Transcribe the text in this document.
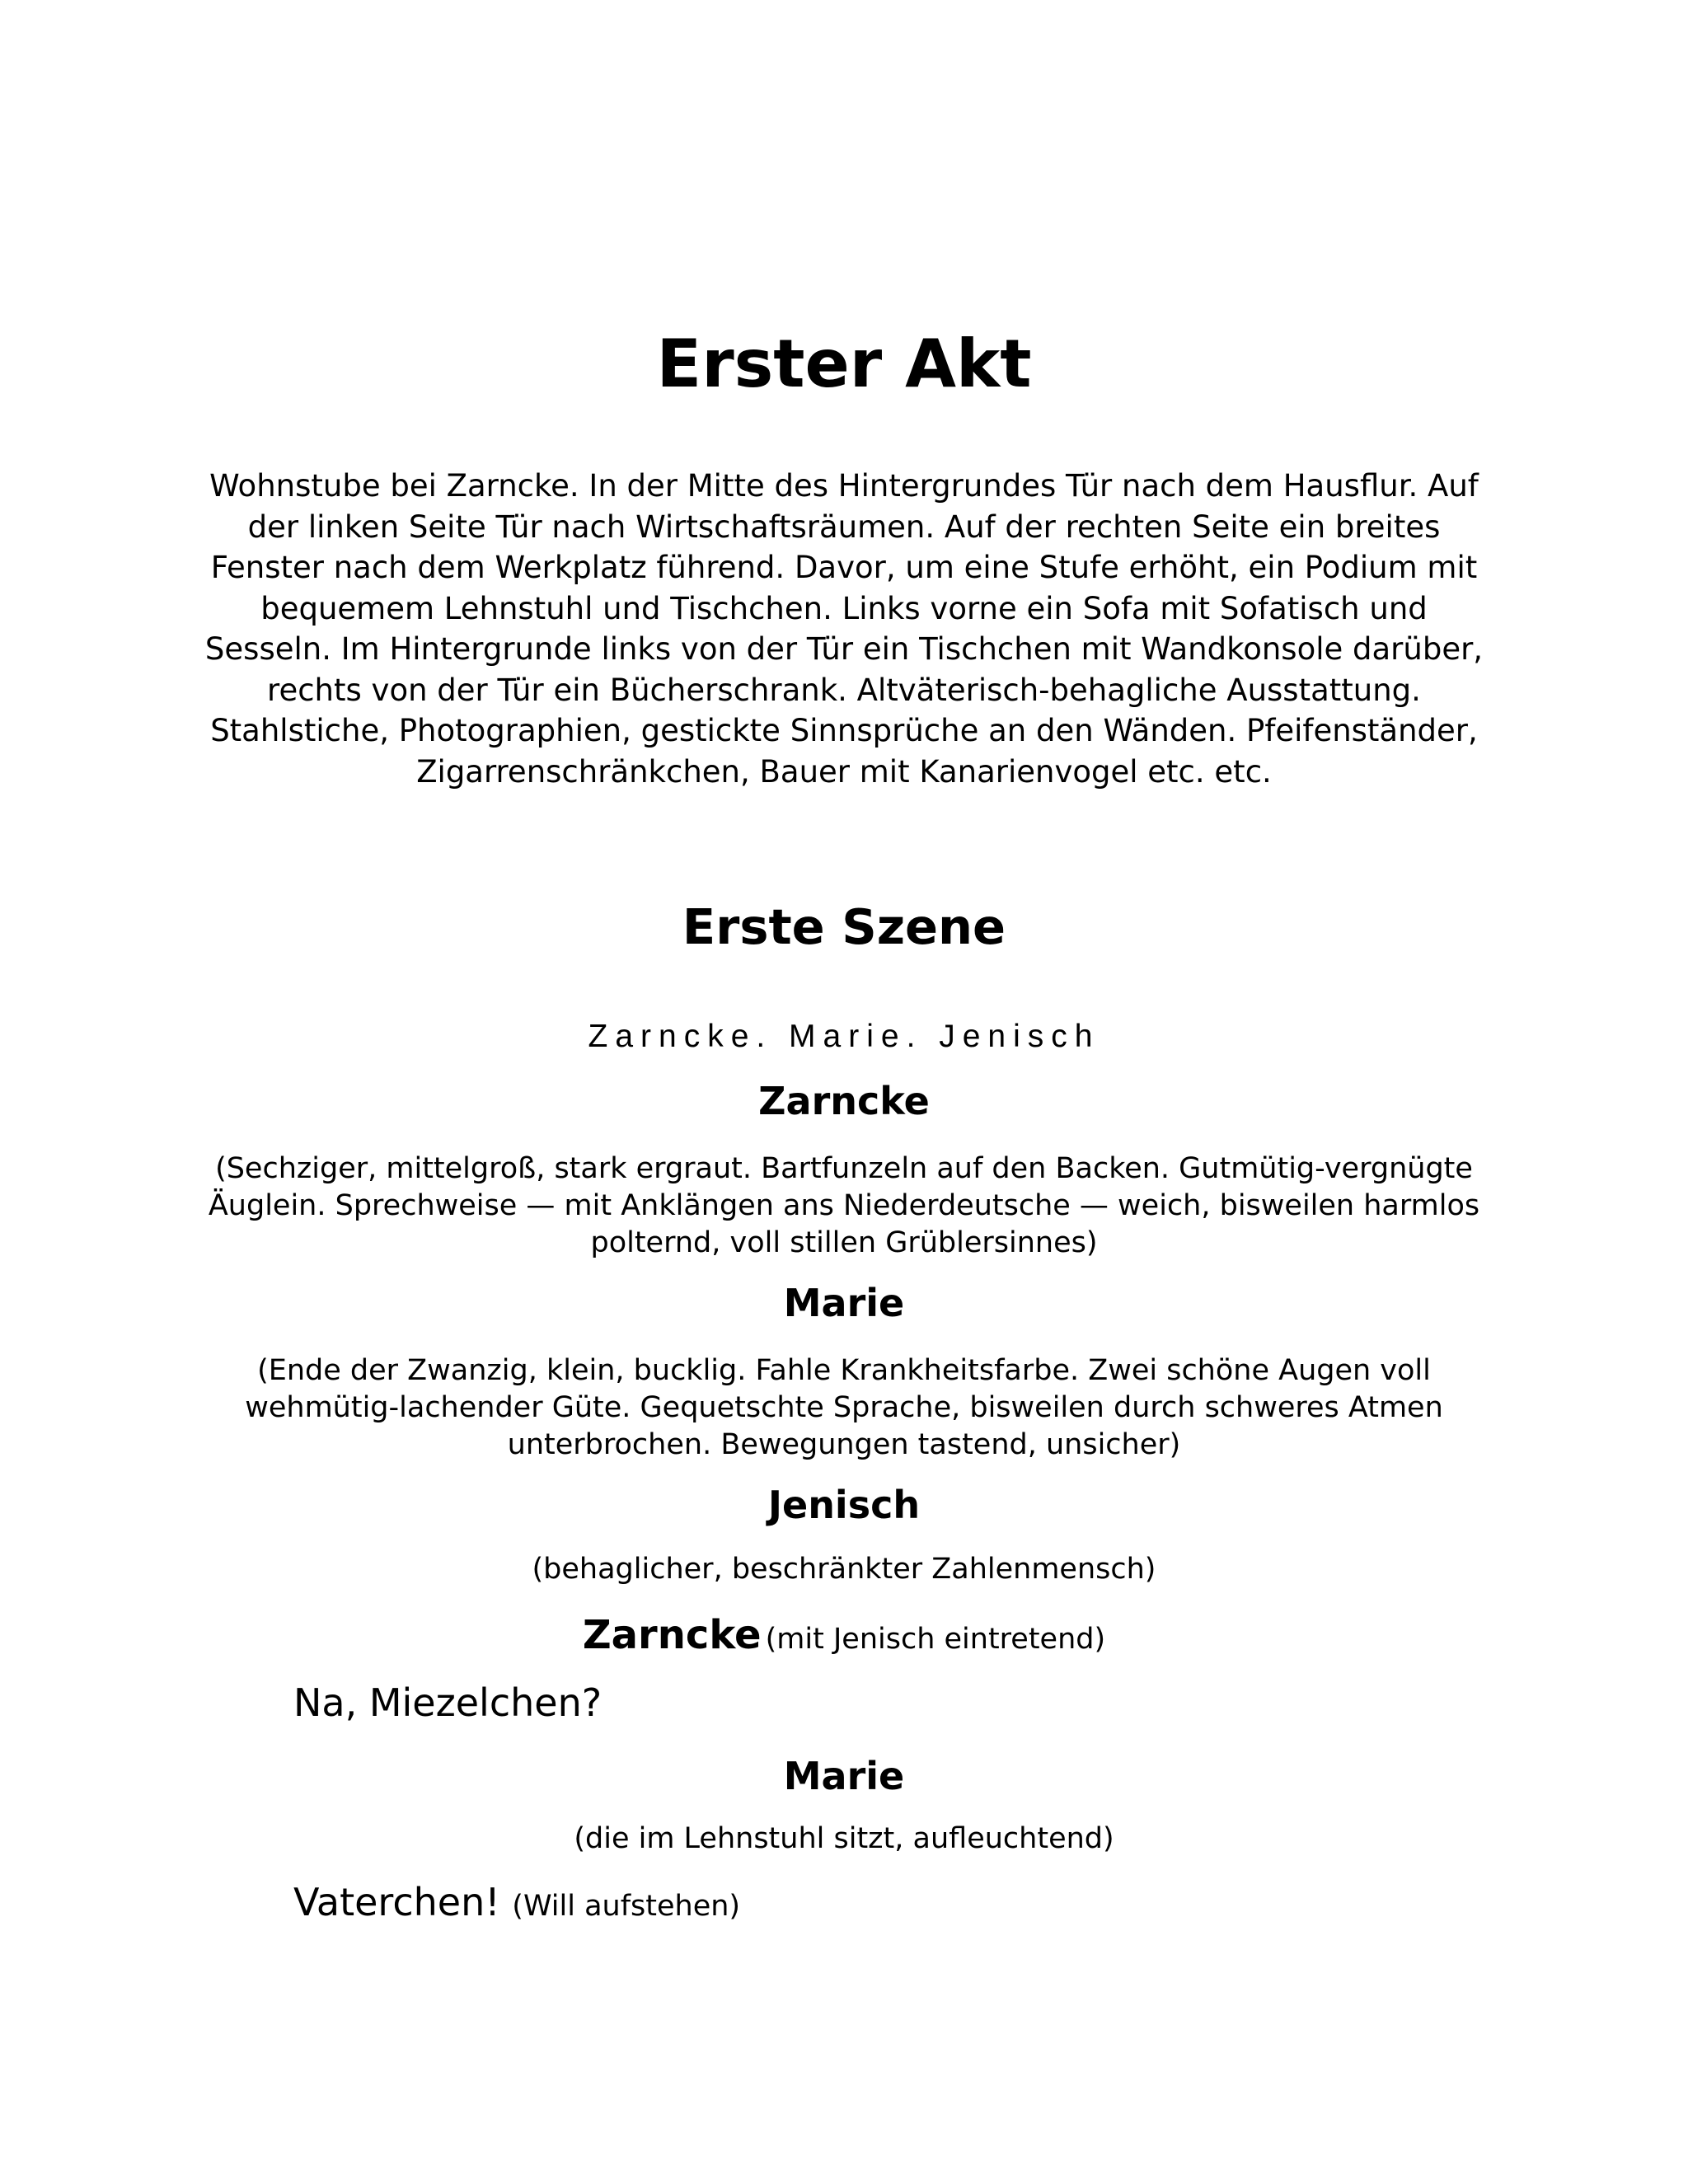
Erster Akt

Wohnstube bei Zarncke. In der Mitte des Hintergrundes Tür nach dem Hausflur. Auf der linken Seite Tür nach Wirtschaftsräumen. Auf der rechten Seite ein breites Fenster nach dem Werkplatz führend. Davor, um eine Stufe erhöht, ein Podium mit bequemem Lehnstuhl und Tischchen. Links vorne ein Sofa mit Sofatisch und Sesseln. Im Hintergrunde links von der Tür ein Tischchen mit Wandkonsole darüber, rechts von der Tür ein Bücherschrank. Altväterisch-behagliche Ausstattung. Stahlstiche, Photographien, gestickte Sinnsprüche an den Wänden. Pfeifenständer, Zigarrenschränkchen, Bauer mit Kanarienvogel etc. etc.

Erste Szene

Zarncke. Marie. Jenisch

Zarncke

(Sechziger, mittelgroß, stark ergraut. Bartfunzeln auf den Backen. Gutmütig-vergnügte Äuglein. Sprechweise — mit Anklängen ans Niederdeutsche — weich, bisweilen harmlos polternd, voll stillen Grüblersinnes)

Marie

(Ende der Zwanzig, klein, bucklig. Fahle Krankheitsfarbe. Zwei schöne Augen voll wehmütig-lachender Güte. Gequetschte Sprache, bisweilen durch schweres Atmen unterbrochen. Bewegungen tastend, unsicher)

Jenisch

(behaglicher, beschränkter Zahlenmensch)

Zarncke (mit Jenisch eintretend)

Na, Miezelchen?

Marie

(die im Lehnstuhl sitzt, aufleuchtend)

Vaterchen! (Will aufstehen)
